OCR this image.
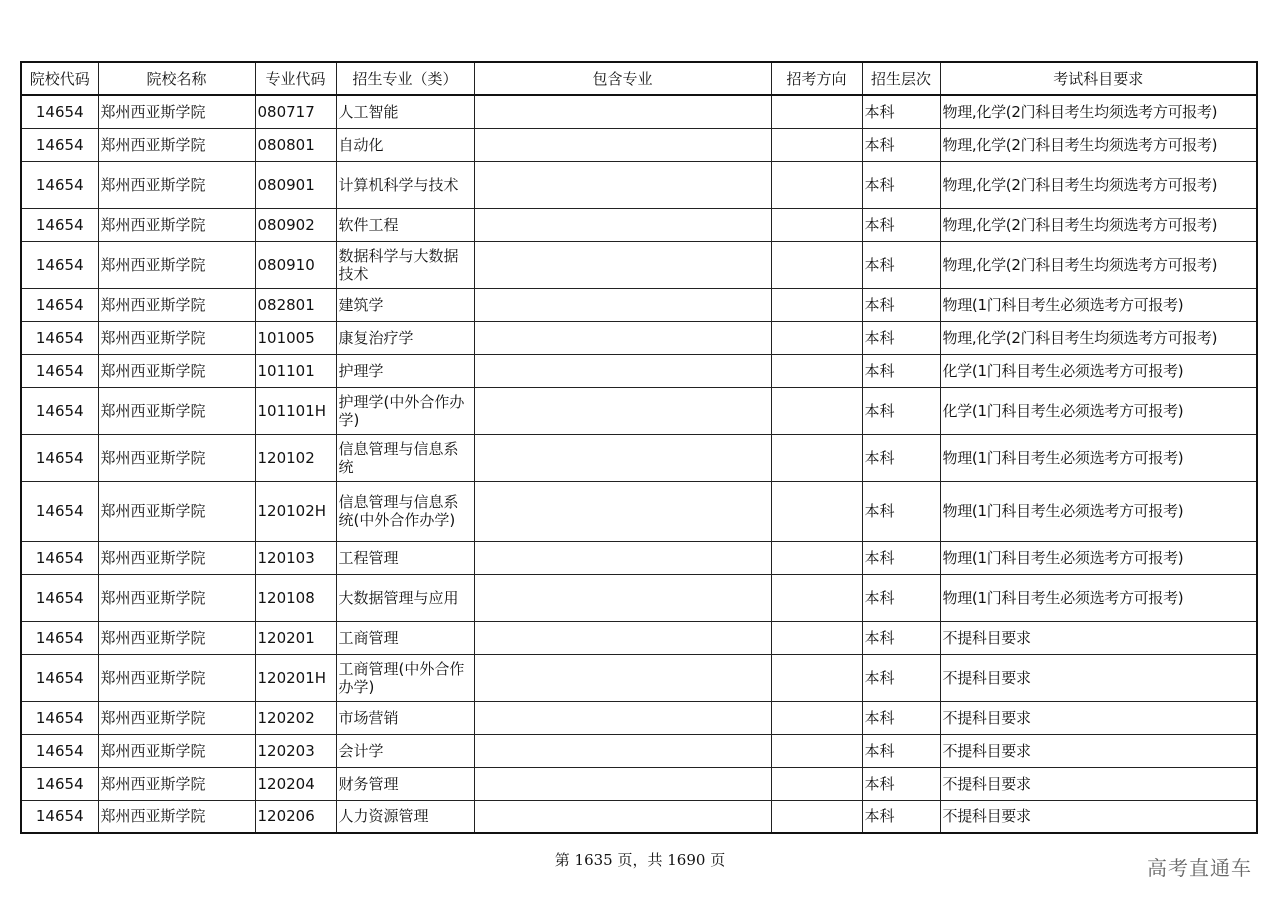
院校代码	院校名称	专业代码	招生专业（类）	包含专业	招考方向	招生层次	考试科目要求
14654	郑州西亚斯学院	080717	人工智能			本科	物理,化学(2门科目考生均须选考方可报考)
14654	郑州西亚斯学院	080801	自动化			本科	物理,化学(2门科目考生均须选考方可报考)
14654	郑州西亚斯学院	080901	计算机科学与技术			本科	物理,化学(2门科目考生均须选考方可报考)
14654	郑州西亚斯学院	080902	软件工程			本科	物理,化学(2门科目考生均须选考方可报考)
14654	郑州西亚斯学院	080910	数据科学与大数据技术			本科	物理,化学(2门科目考生均须选考方可报考)
14654	郑州西亚斯学院	082801	建筑学			本科	物理(1门科目考生必须选考方可报考)
14654	郑州西亚斯学院	101005	康复治疗学			本科	物理,化学(2门科目考生均须选考方可报考)
14654	郑州西亚斯学院	101101	护理学			本科	化学(1门科目考生必须选考方可报考)
14654	郑州西亚斯学院	101101H	护理学(中外合作办学)			本科	化学(1门科目考生必须选考方可报考)
14654	郑州西亚斯学院	120102	信息管理与信息系统			本科	物理(1门科目考生必须选考方可报考)
14654	郑州西亚斯学院	120102H	信息管理与信息系统(中外合作办学)			本科	物理(1门科目考生必须选考方可报考)
14654	郑州西亚斯学院	120103	工程管理			本科	物理(1门科目考生必须选考方可报考)
14654	郑州西亚斯学院	120108	大数据管理与应用			本科	物理(1门科目考生必须选考方可报考)
14654	郑州西亚斯学院	120201	工商管理			本科	不提科目要求
14654	郑州西亚斯学院	120201H	工商管理(中外合作办学)			本科	不提科目要求
14654	郑州西亚斯学院	120202	市场营销			本科	不提科目要求
14654	郑州西亚斯学院	120203	会计学			本科	不提科目要求
14654	郑州西亚斯学院	120204	财务管理			本科	不提科目要求
14654	郑州西亚斯学院	120206	人力资源管理			本科	不提科目要求
第 1635 页，共 1690 页	高考直通车
